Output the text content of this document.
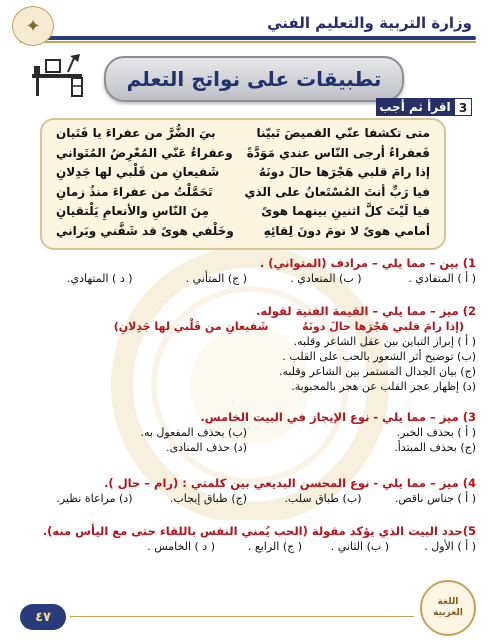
وزارة التربية والتعليم الفني
✦
تطبيقات على نواتج التعلم
3
اقرأ ثم أجب
متى تكشفا عنّي القميصَ تَبيّنا
بيَ الضُّرَّ من عفراءَ يا فَتَيان
فَعفراءُ أرجى النّاس عندي مَوَدَّةً
وعفراءُ عَنّي المُعْرِضُ المُتَواني
إذا رامَ قلبي هَجْرَها حالَ دونَهُ
شَفيعانِ من قَلْبي لها جَدِلانِ
فيا رَبِّ أنتَ المُسْتَعانُ على الذي
تَحَمَّلْتُ من عفراءَ منذُ زمانِ
فيا لَيْتَ كلَّ اثنينِ بينهما هوىً
مِنَ النّاسِ والأنعامِ يَلْتقيانِ
أمامي هوىً لا نومَ دونَ لِقائِهِ
وخَلْفي هوىً قد شَفَّني وبَراني
1) بين – مما يلي – مرادف (المتواني) .
( أ ) المتفادي .
( ب) المتعادي .
( ج) المتأني .
( د ) المتهادي.
2) ميز – مما يلي – القيمة الفنية لقوله.
(إذا رامَ قلبي هَجْرَها حالَ دونَهُ  شَفيعانِ من قَلْبي لها جَدِلانِ)
( أ ) إبراز التباين بين عقل الشاعر وقلبه.
(ب) توضيح أثر الشعور بالحب على القلب .
(ج) بيان الجدال المستمر بين الشاعر وقلبه.
(د) إظهار عجز القلب عن هجر بالمحبوبة.
3) ميز – مما يلي - نوع الإيجاز في البيت الخامس.
( أ ) بحذف الخبر.
(ب) بحذف المفعول به.
(ج) بحذف المبتدأ.
(د) حذف المنادى.
4) ميز – مما يلي - نوع المحسن البديعي بين كلمتي : (رام – حال ).
( أ ) جناس ناقص.
(ب) طباق سلب.
(ج) طباق إيجاب.
(د) مراعاة نظير.
5)حدد البيت الذي يؤكد مقولة (الحب يُمني النفس باللقاء حتى مع اليأس منه).
( أ ) الأول .
( ب) الثاني .
( ج) الرابع .
( د ) الخامس .
٤٧
اللغة العربية
